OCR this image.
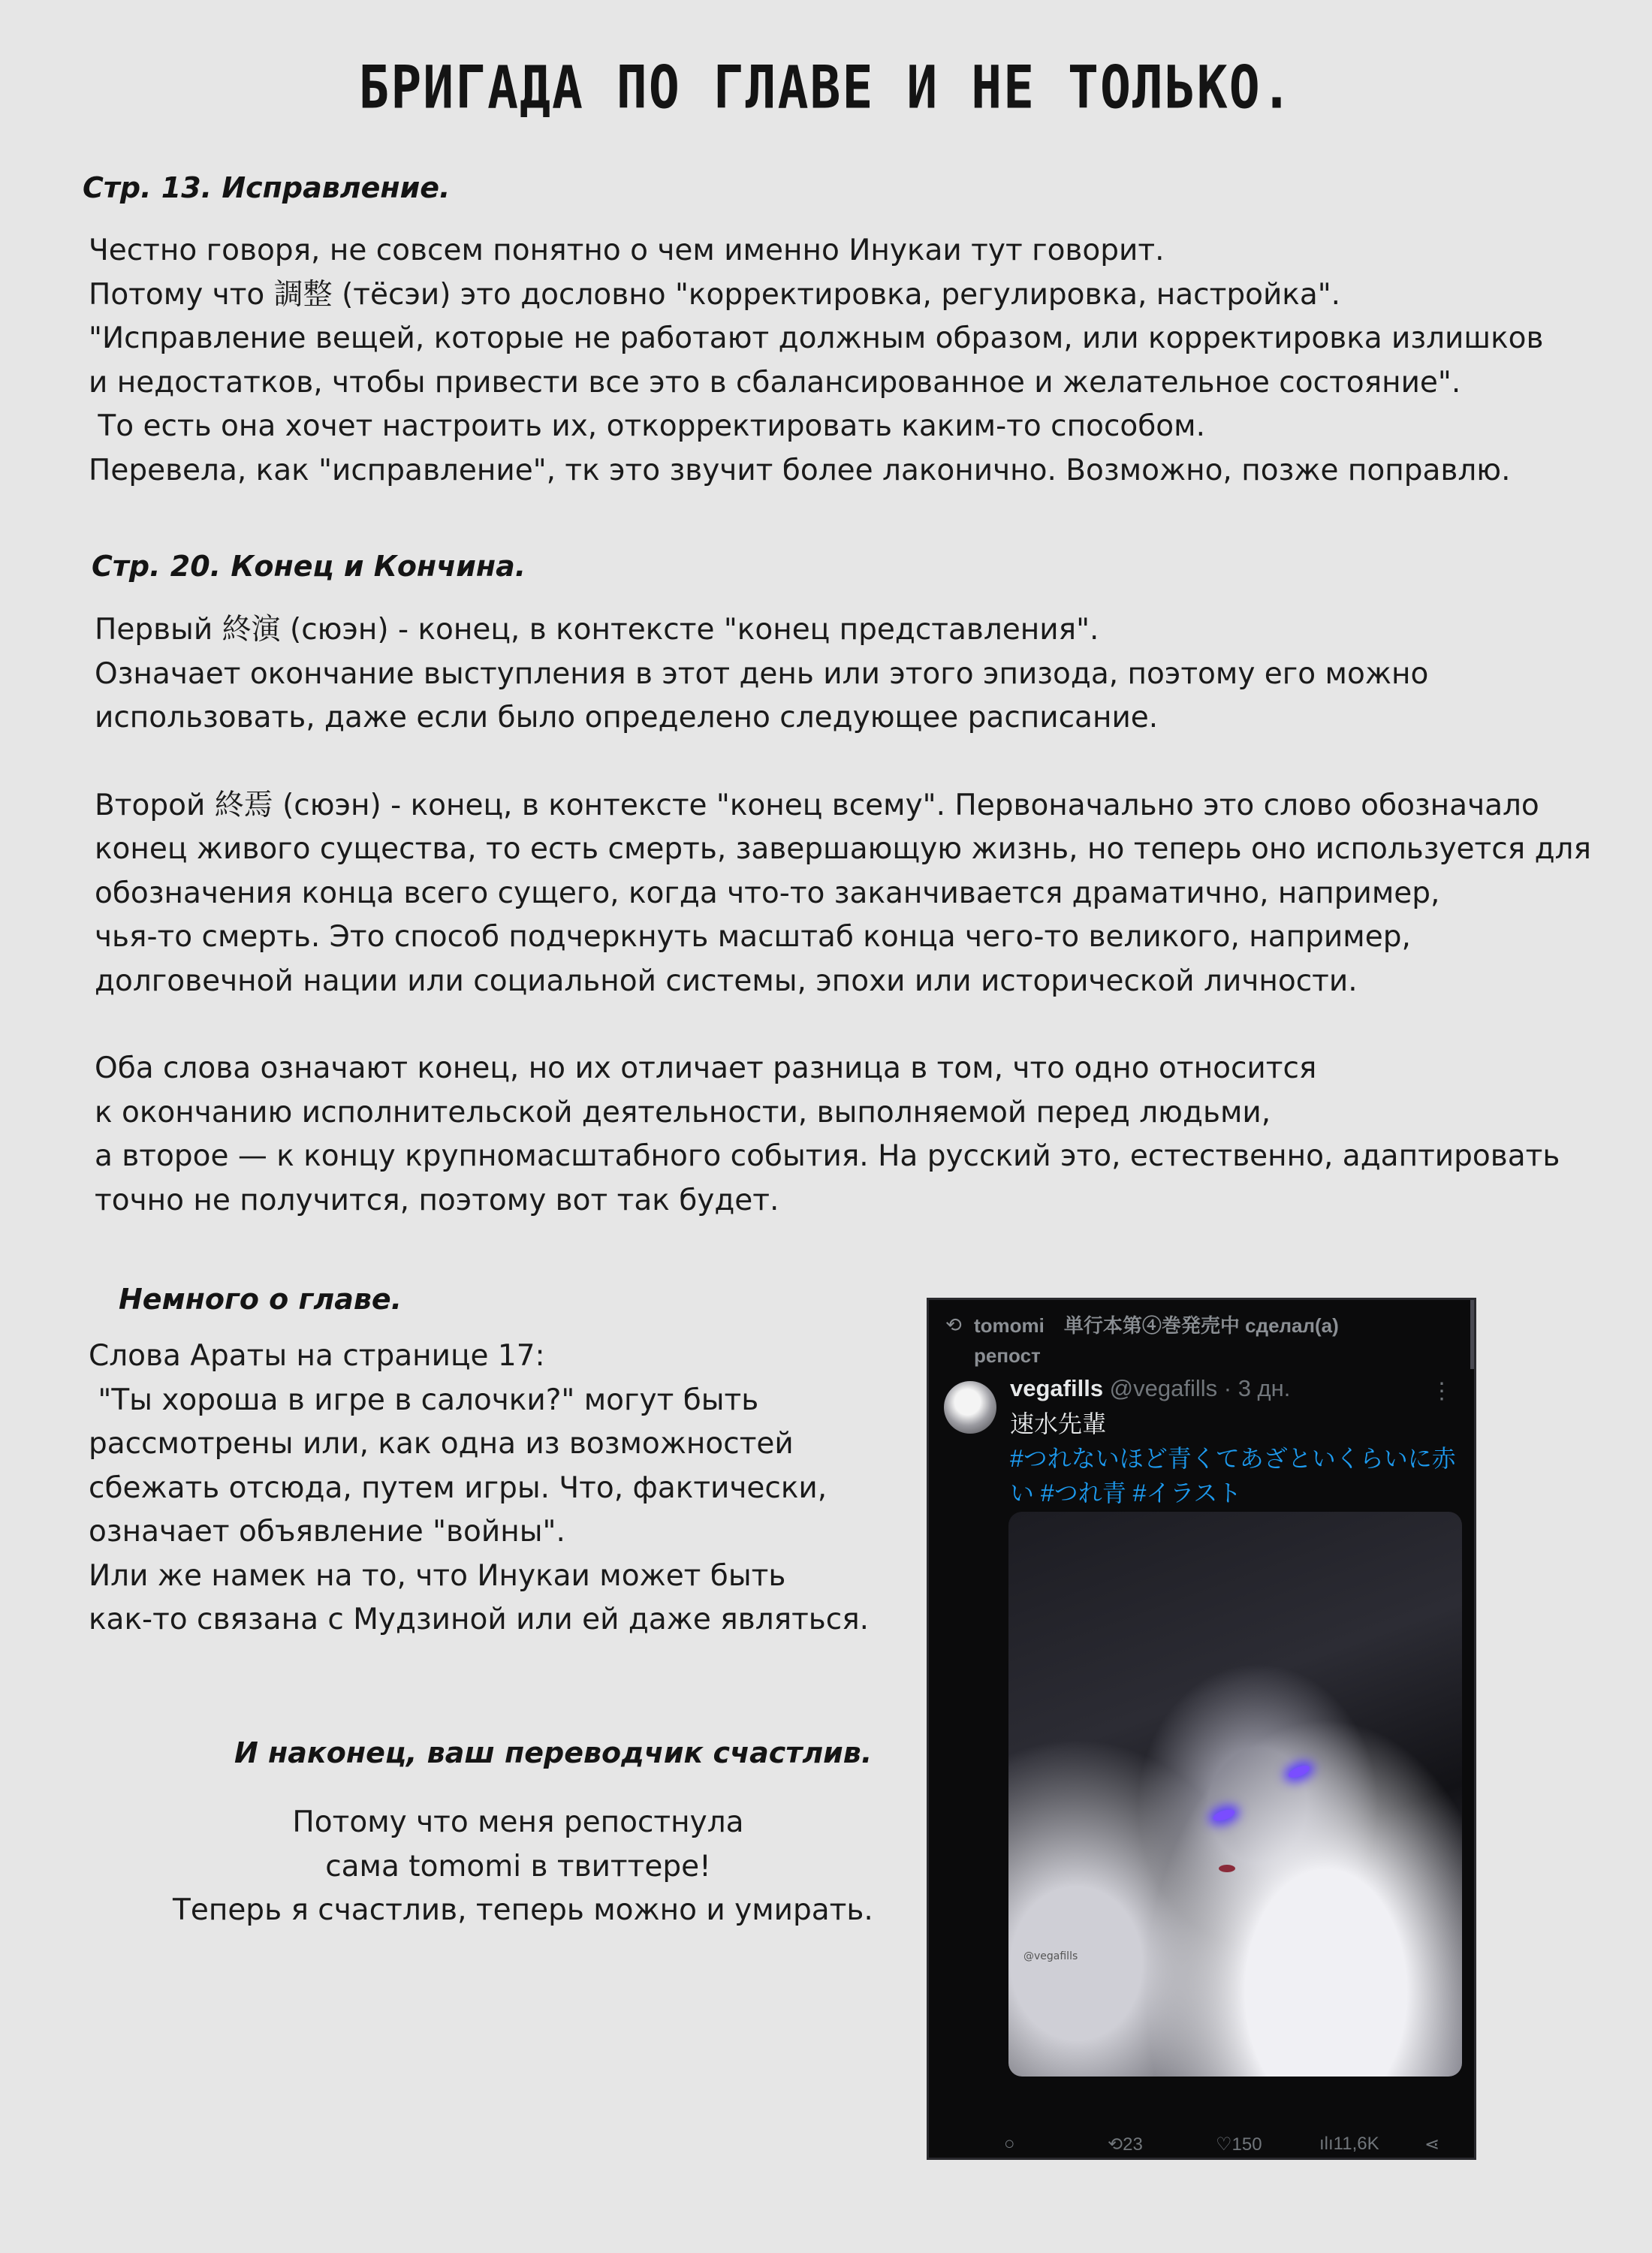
БРИГАДА ПО ГЛАВЕ И НЕ ТОЛЬКО.
Стр. 13. Исправление.

Честно говоря, не совсем понятно о чем именно Инукаи тут говорит.

Потому что 調整 (тёсэи) это дословно "корректировка, регулировка, настройка".

"Исправление вещей, которые не работают должным образом, или корректировка излишков

и недостатков, чтобы привести все это в сбалансированное и желательное состояние".

То есть она хочет настроить их, откорректировать каким-то способом.

Перевела, как "исправление", тк это звучит более лаконично. Возможно, позже поправлю.

Стр. 20. Конец и Кончина.

Первый 終演 (сюэн) - конец, в контексте "конец представления".

Означает окончание выступления в этот день или этого эпизода, поэтому его можно

использовать, даже если было определено следующее расписание.

Второй 終焉 (сюэн) - конец, в контексте "конец всему". Первоначально это слово обозначало

конец живого существа, то есть смерть, завершающую жизнь, но теперь оно используется для

обозначения конца всего сущего, когда что-то заканчивается драматично, например,

чья-то смерть. Это способ подчеркнуть масштаб конца чего-то великого, например,

долговечной нации или социальной системы, эпохи или исторической личности.

Оба слова означают конец, но их отличает разница в том, что одно относится

к окончанию исполнительской деятельности, выполняемой перед людьми,

а второе — к концу крупномасштабного события. На русский это, естественно, адаптировать

точно не получится, поэтому вот так будет.

Немного о главе.

Слова Араты на странице 17:

"Ты хороша в игре в салочки?" могут быть

рассмотрены или, как одна из возможностей

сбежать отсюда, путем игры. Что, фактически,

означает объявление "войны".

Или же намек на то, что Инукаи может быть

как-то связана с Мудзиной или ей даже являться.

И наконец, ваш переводчик счастлив.

Потому что меня репостнула

сама tomomi в твиттере!

Теперь я счастлив, теперь можно и умирать.

⟲ tomomi　単行本第④巻発売中 сделал(а)
репост
vegafills @vegafills · 3 дн.	⋮
速水先輩
#つれないほど青くてあざといくらいに赤い #つれ青 #イラスト
@vegafills
○	⟲23	♡150	ılı11,6K	⋖
